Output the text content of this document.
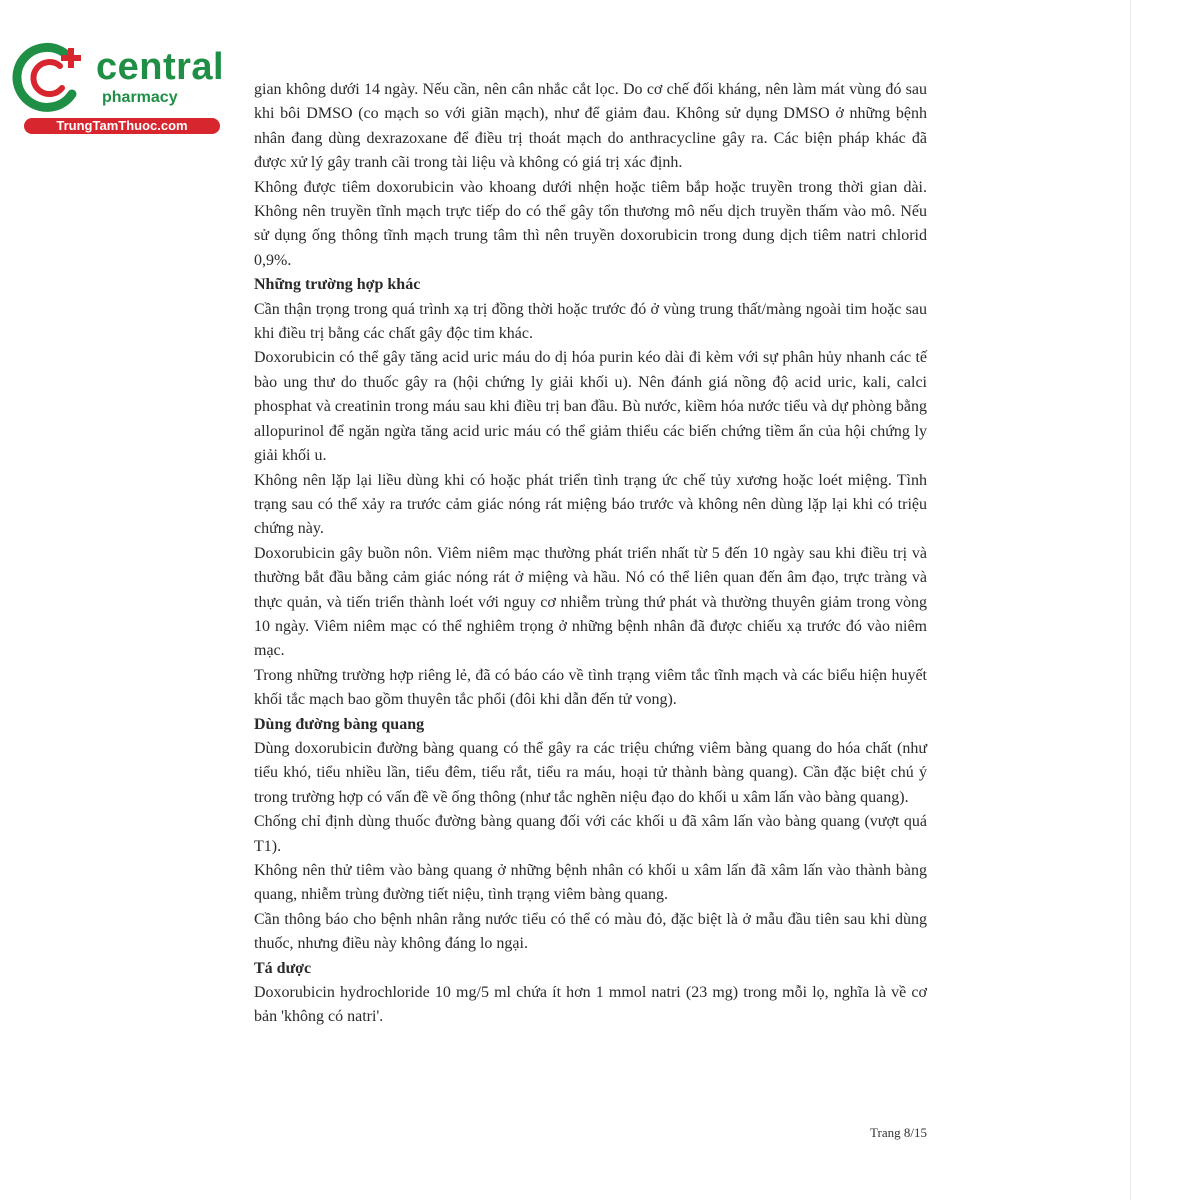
central
pharmacy
TrungTamThuoc.com

gian không dưới 14 ngày. Nếu cần, nên cân nhắc cắt lọc. Do cơ chế đối kháng, nên làm mát vùng đó sau khi bôi DMSO (co mạch so với giãn mạch), như để giảm đau. Không sử dụng DMSO ở những bệnh nhân đang dùng dexrazoxane để điều trị thoát mạch do anthracycline gây ra. Các biện pháp khác đã được xử lý gây tranh cãi trong tài liệu và không có giá trị xác định.

Không được tiêm doxorubicin vào khoang dưới nhện hoặc tiêm bắp hoặc truyền trong thời gian dài. Không nên truyền tĩnh mạch trực tiếp do có thể gây tổn thương mô nếu dịch truyền thấm vào mô. Nếu sử dụng ống thông tĩnh mạch trung tâm thì nên truyền doxorubicin trong dung dịch tiêm natri chlorid 0,9%.

Những trường hợp khác

Cần thận trọng trong quá trình xạ trị đồng thời hoặc trước đó ở vùng trung thất/màng ngoài tim hoặc sau khi điều trị bằng các chất gây độc tim khác.

Doxorubicin có thể gây tăng acid uric máu do dị hóa purin kéo dài đi kèm với sự phân hủy nhanh các tế bào ung thư do thuốc gây ra (hội chứng ly giải khối u). Nên đánh giá nồng độ acid uric, kali, calci phosphat và creatinin trong máu sau khi điều trị ban đầu. Bù nước, kiềm hóa nước tiểu và dự phòng bằng allopurinol để ngăn ngừa tăng acid uric máu có thể giảm thiểu các biến chứng tiềm ẩn của hội chứng ly giải khối u.

Không nên lặp lại liều dùng khi có hoặc phát triển tình trạng ức chế tủy xương hoặc loét miệng. Tình trạng sau có thể xảy ra trước cảm giác nóng rát miệng báo trước và không nên dùng lặp lại khi có triệu chứng này.

Doxorubicin gây buồn nôn. Viêm niêm mạc thường phát triển nhất từ 5 đến 10 ngày sau khi điều trị và thường bắt đầu bằng cảm giác nóng rát ở miệng và hầu. Nó có thể liên quan đến âm đạo, trực tràng và thực quản, và tiến triển thành loét với nguy cơ nhiễm trùng thứ phát và thường thuyên giảm trong vòng 10 ngày. Viêm niêm mạc có thể nghiêm trọng ở những bệnh nhân đã được chiếu xạ trước đó vào niêm mạc.

Trong những trường hợp riêng lẻ, đã có báo cáo về tình trạng viêm tắc tĩnh mạch và các biểu hiện huyết khối tắc mạch bao gồm thuyên tắc phổi (đôi khi dẫn đến tử vong).

Dùng đường bàng quang

Dùng doxorubicin đường bàng quang có thể gây ra các triệu chứng viêm bàng quang do hóa chất (như tiểu khó, tiểu nhiều lần, tiểu đêm, tiểu rắt, tiểu ra máu, hoại tử thành bàng quang). Cần đặc biệt chú ý trong trường hợp có vấn đề về ống thông (như tắc nghẽn niệu đạo do khối u xâm lấn vào bàng quang).

Chống chỉ định dùng thuốc đường bàng quang đối với các khối u đã xâm lấn vào bàng quang (vượt quá T1).

Không nên thử tiêm vào bàng quang ở những bệnh nhân có khối u xâm lấn đã xâm lấn vào thành bàng quang, nhiễm trùng đường tiết niệu, tình trạng viêm bàng quang.

Cần thông báo cho bệnh nhân rằng nước tiểu có thể có màu đỏ, đặc biệt là ở mẫu đầu tiên sau khi dùng thuốc, nhưng điều này không đáng lo ngại.

Tá dược

Doxorubicin hydrochloride 10 mg/5 ml chứa ít hơn 1 mmol natri (23 mg) trong mỗi lọ, nghĩa là về cơ bản 'không có natri'.

Trang 8/15
